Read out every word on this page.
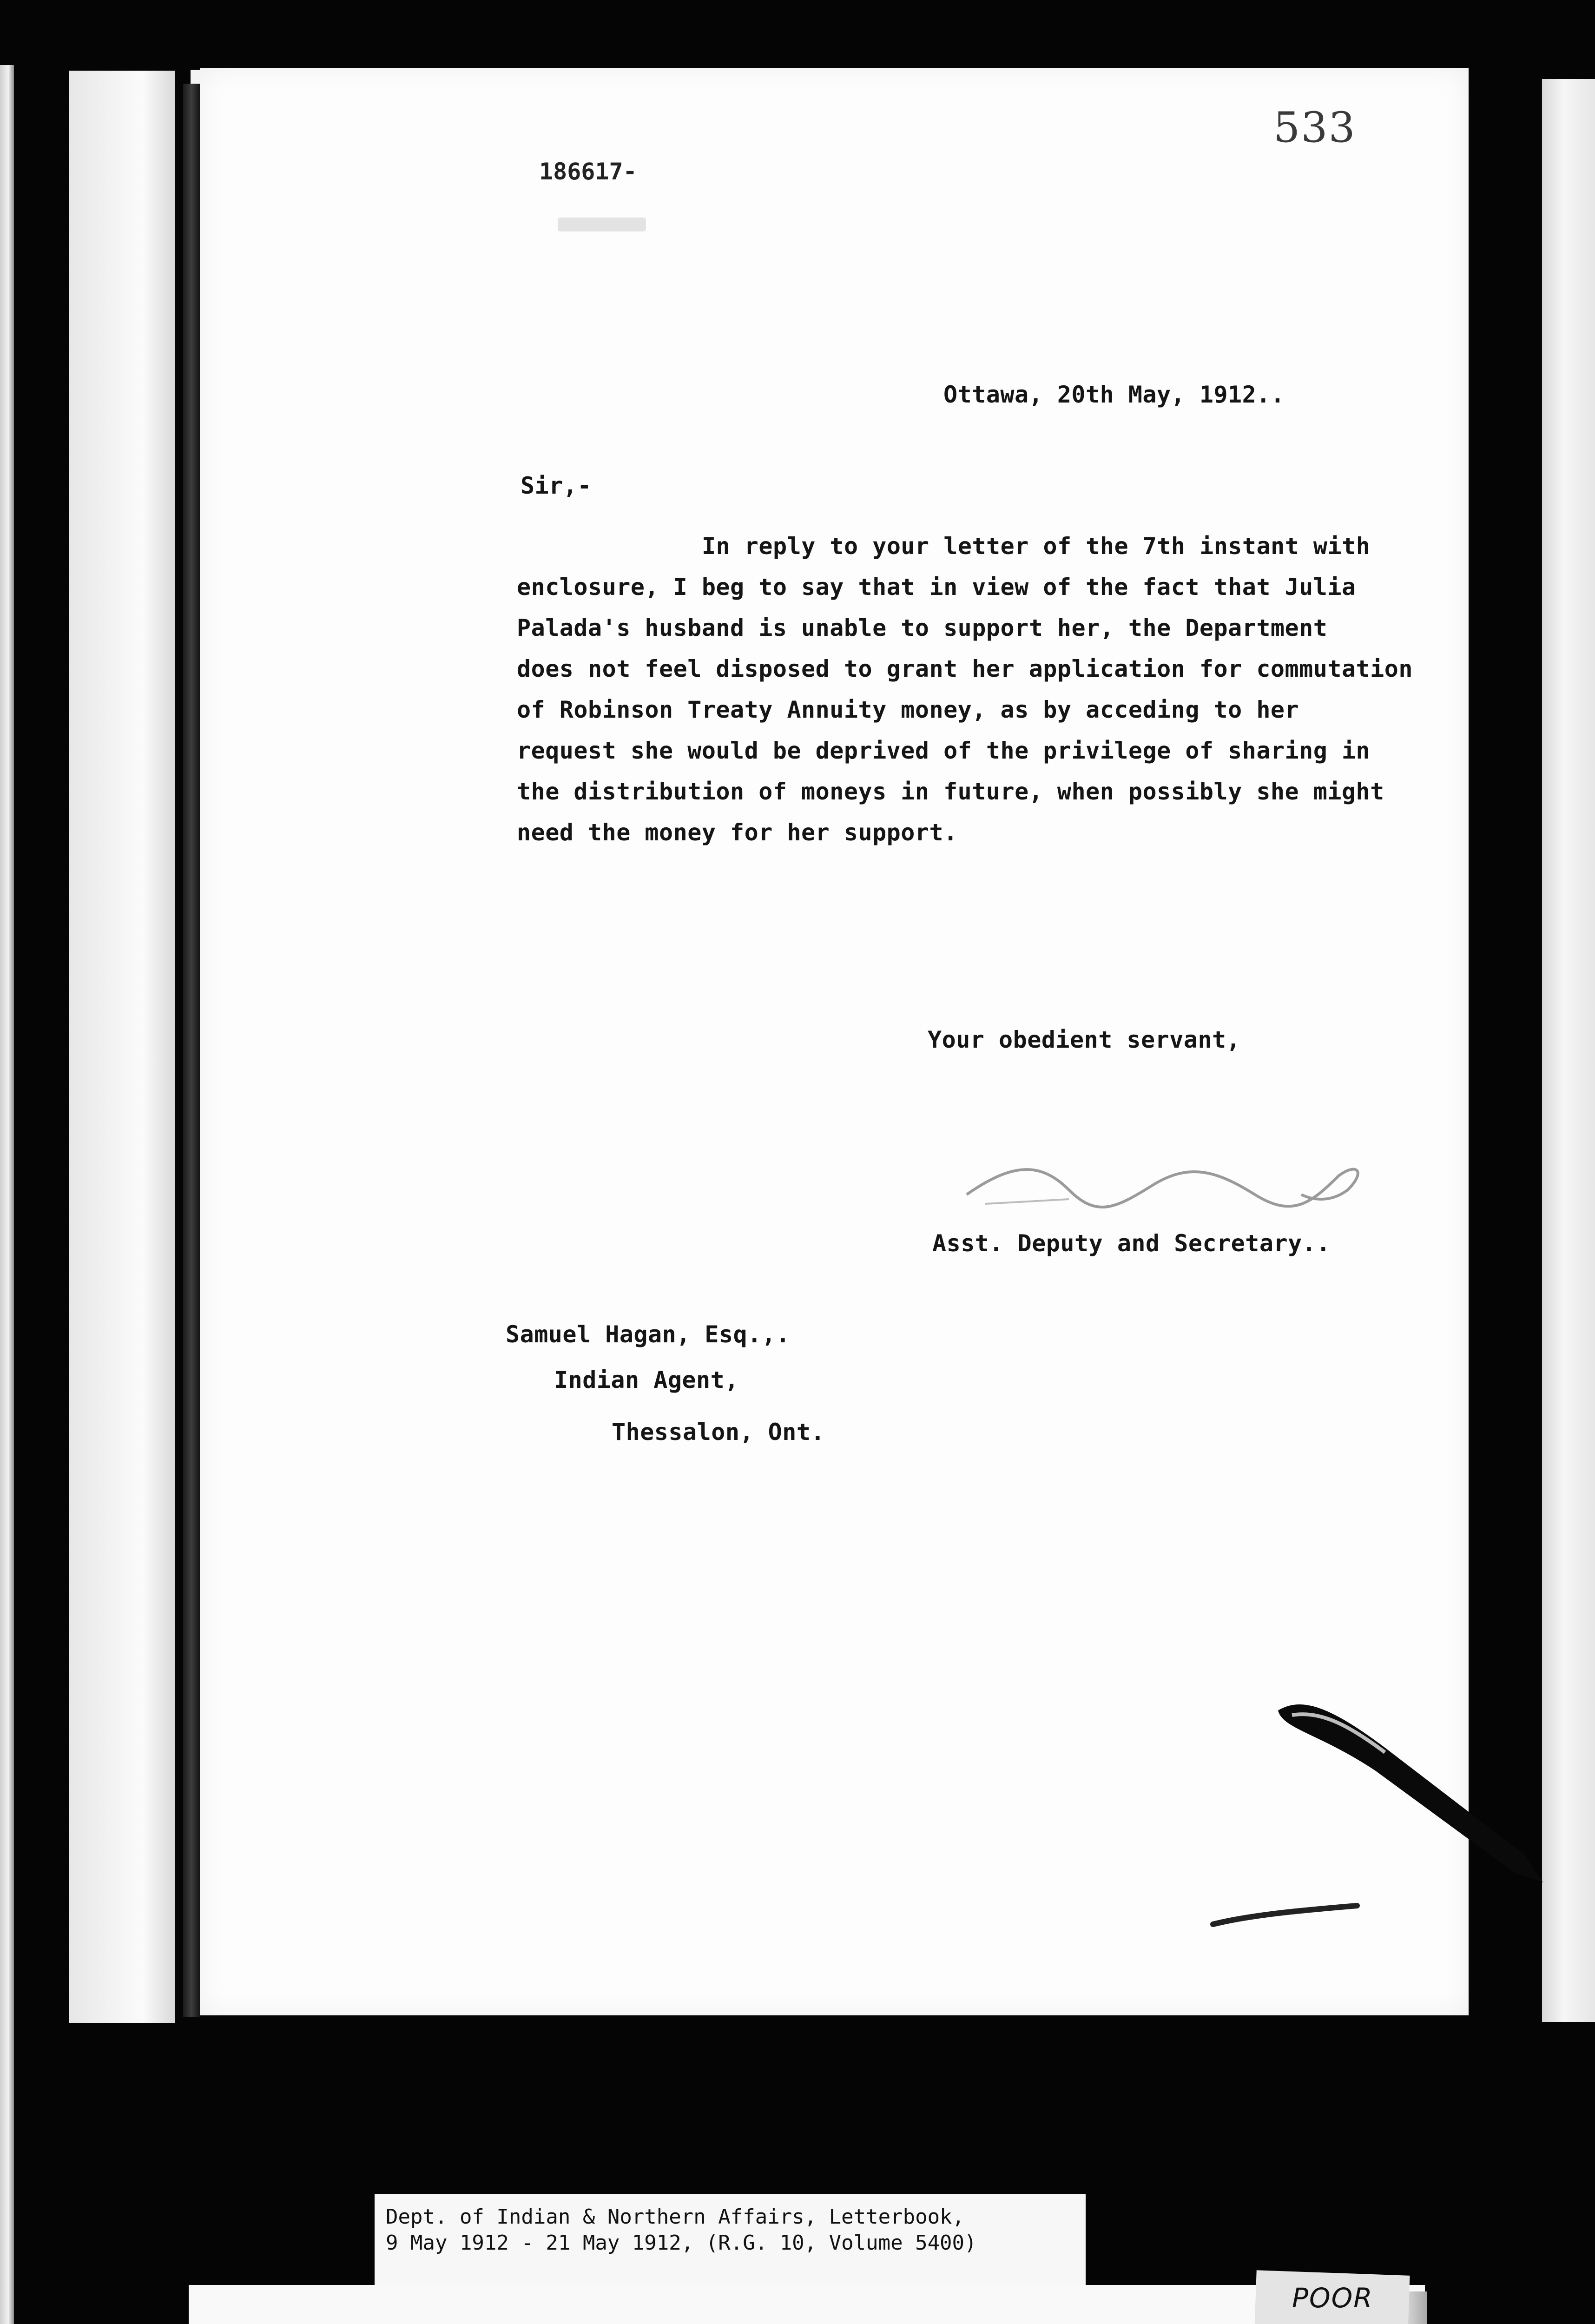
533
186617-
Ottawa, 20th May, 1912..
Sir,-
In reply to your letter of the 7th instant with
enclosure, I beg to say that in view of the fact that Julia
Palada's husband is unable to support her, the Department
does not feel disposed to grant her application for commutation
of Robinson Treaty Annuity money, as by acceding to her
request she would be deprived of the privilege of sharing in
the distribution of moneys in future, when possibly she might
need the money for her support.
Your obedient servant,
Asst. Deputy and Secretary..
Samuel Hagan, Esq.,.
Indian Agent,
Thessalon, Ont.
Dept. of Indian & Northern Affairs, Letterbook,
9 May 1912 - 21 May 1912, (R.G. 10, Volume 5400)
POOR
